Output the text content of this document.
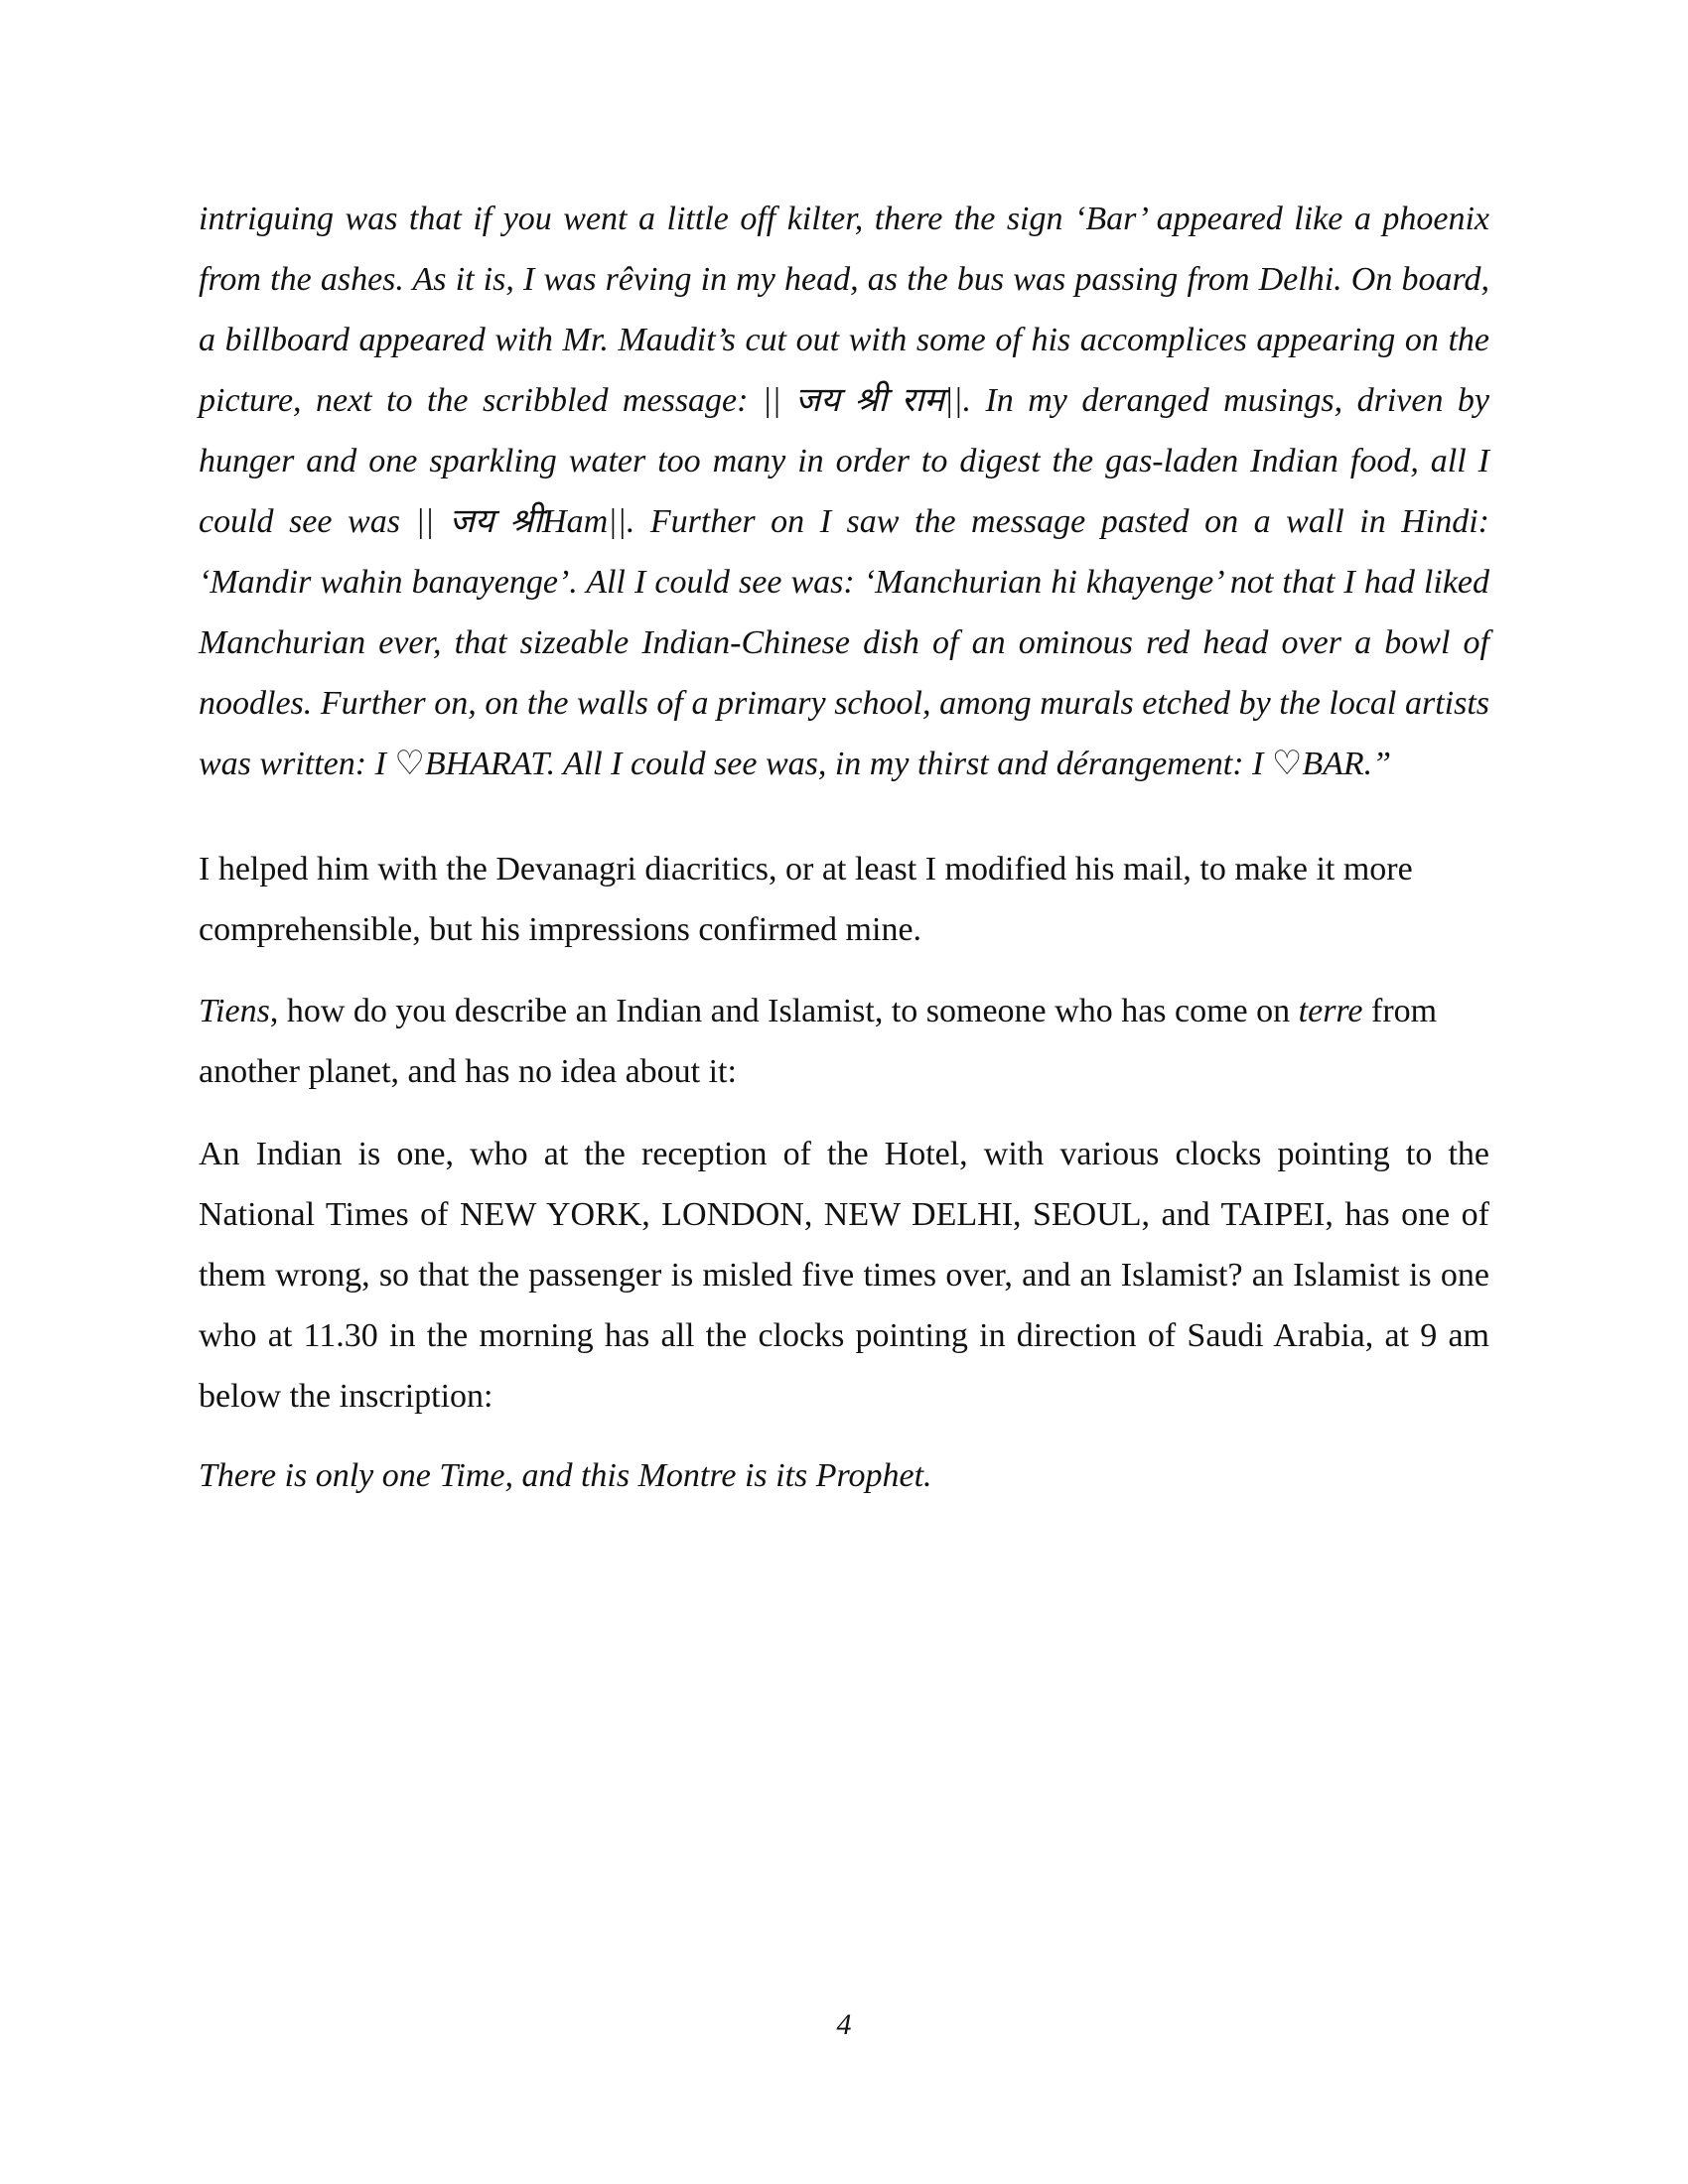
intriguing was that if you went a little off kilter, there the sign ‘Bar’ appeared like a phoenix from the ashes. As it is, I was rêving in my head, as the bus was passing from Delhi. On board, a billboard appeared with Mr. Maudit’s cut out with some of his accomplices appearing on the picture, next to the scribbled message: || जय श्री राम||. In my deranged musings, driven by hunger and one sparkling water too many in order to digest the gas-laden Indian food, all I could see was || जय श्रीHam||. Further on I saw the message pasted on a wall in Hindi: ‘Mandir wahin banayenge’. All I could see was: ‘Manchurian hi khayenge’ not that I had liked Manchurian ever, that sizeable Indian-Chinese dish of an ominous red head over a bowl of noodles. Further on, on the walls of a primary school, among murals etched by the local artists was written: I ♡BHARAT. All I could see was, in my thirst and dérangement: I ♡BAR.”

I helped him with the Devanagri diacritics, or at least I modified his mail, to make it more comprehensible, but his impressions confirmed mine.

Tiens, how do you describe an Indian and Islamist, to someone who has come on terre from another planet, and has no idea about it:

An Indian is one, who at the reception of the Hotel, with various clocks pointing to the National Times of NEW YORK, LONDON, NEW DELHI, SEOUL, and TAIPEI, has one of them wrong, so that the passenger is misled five times over, and an Islamist? an Islamist is one who at 11.30 in the morning has all the clocks pointing in direction of Saudi Arabia, at 9 am below the inscription:

There is only one Time, and this Montre is its Prophet.

4
